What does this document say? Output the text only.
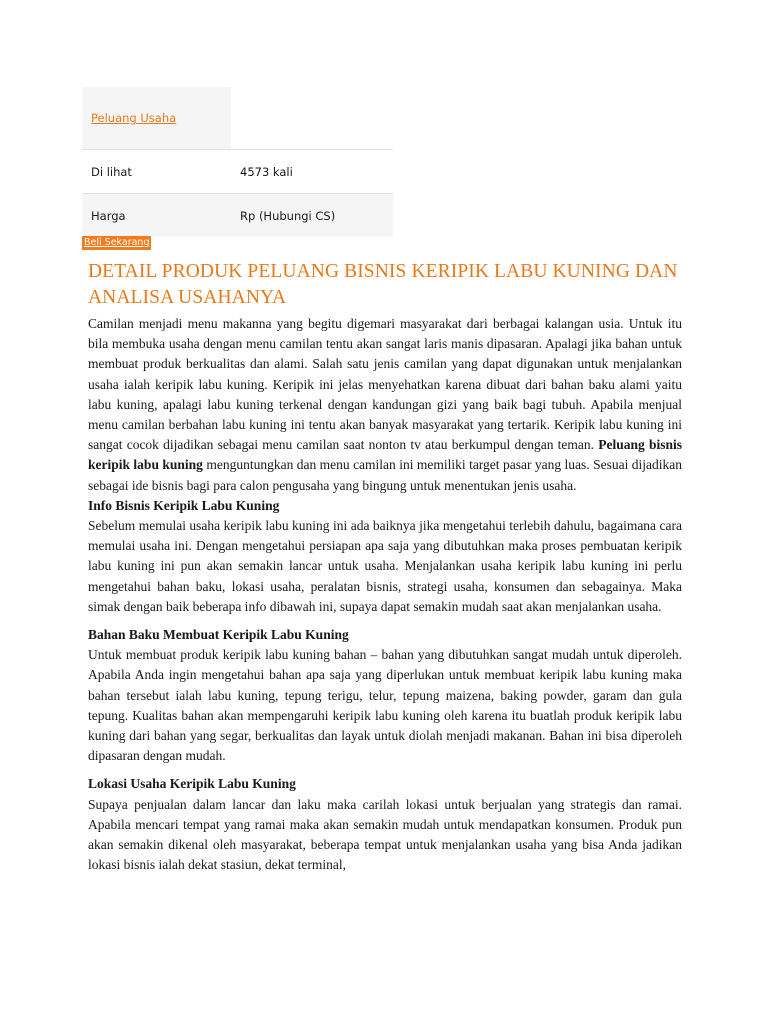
Peluang Usaha
Di lihat	4573 kali
Harga	Rp (Hubungi CS)
Beli Sekarang
DETAIL PRODUK PELUANG BISNIS KERIPIK LABU KUNING DAN ANALISA USAHANYA

Camilan menjadi menu makanna yang begitu digemari masyarakat dari berbagai kalangan usia. Untuk itu bila membuka usaha dengan menu camilan tentu akan sangat laris manis dipasaran. Apalagi jika bahan untuk membuat produk berkualitas dan alami. Salah satu jenis camilan yang dapat digunakan untuk menjalankan usaha ialah keripik labu kuning. Keripik ini jelas menyehatkan karena dibuat dari bahan baku alami yaitu labu kuning, apalagi labu kuning terkenal dengan kandungan gizi yang baik bagi tubuh. Apabila menjual menu camilan berbahan labu kuning ini tentu akan banyak masyarakat yang tertarik. Keripik labu kuning ini sangat cocok dijadikan sebagai menu camilan saat nonton tv atau berkumpul dengan teman. Peluang bisnis keripik labu kuning menguntungkan dan menu camilan ini memiliki target pasar yang luas. Sesuai dijadikan sebagai ide bisnis bagi para calon pengusaha yang bingung untuk menentukan jenis usaha.

Info Bisnis Keripik Labu Kuning

Sebelum memulai usaha keripik labu kuning ini ada baiknya jika mengetahui terlebih dahulu, bagaimana cara memulai usaha ini. Dengan mengetahui persiapan apa saja yang dibutuhkan maka proses pembuatan keripik labu kuning ini pun akan semakin lancar untuk usaha. Menjalankan usaha keripik labu kuning ini perlu mengetahui bahan baku, lokasi usaha, peralatan bisnis, strategi usaha, konsumen dan sebagainya. Maka simak dengan baik beberapa info dibawah ini, supaya dapat semakin mudah saat akan menjalankan usaha.

Bahan Baku Membuat Keripik Labu Kuning

Untuk membuat produk keripik labu kuning bahan – bahan yang dibutuhkan sangat mudah untuk diperoleh. Apabila Anda ingin mengetahui bahan apa saja yang diperlukan untuk membuat keripik labu kuning maka bahan tersebut ialah labu kuning, tepung terigu, telur, tepung maizena, baking powder, garam dan gula tepung. Kualitas bahan akan mempengaruhi keripik labu kuning oleh karena itu buatlah produk keripik labu kuning dari bahan yang segar, berkualitas dan layak untuk diolah menjadi makanan. Bahan ini bisa diperoleh dipasaran dengan mudah.

Lokasi Usaha Keripik Labu Kuning

Supaya penjualan dalam lancar dan laku maka carilah lokasi untuk berjualan yang strategis dan ramai. Apabila mencari tempat yang ramai maka akan semakin mudah untuk mendapatkan konsumen. Produk pun akan semakin dikenal oleh masyarakat, beberapa tempat untuk menjalankan usaha yang bisa Anda jadikan lokasi bisnis ialah dekat stasiun, dekat terminal,
